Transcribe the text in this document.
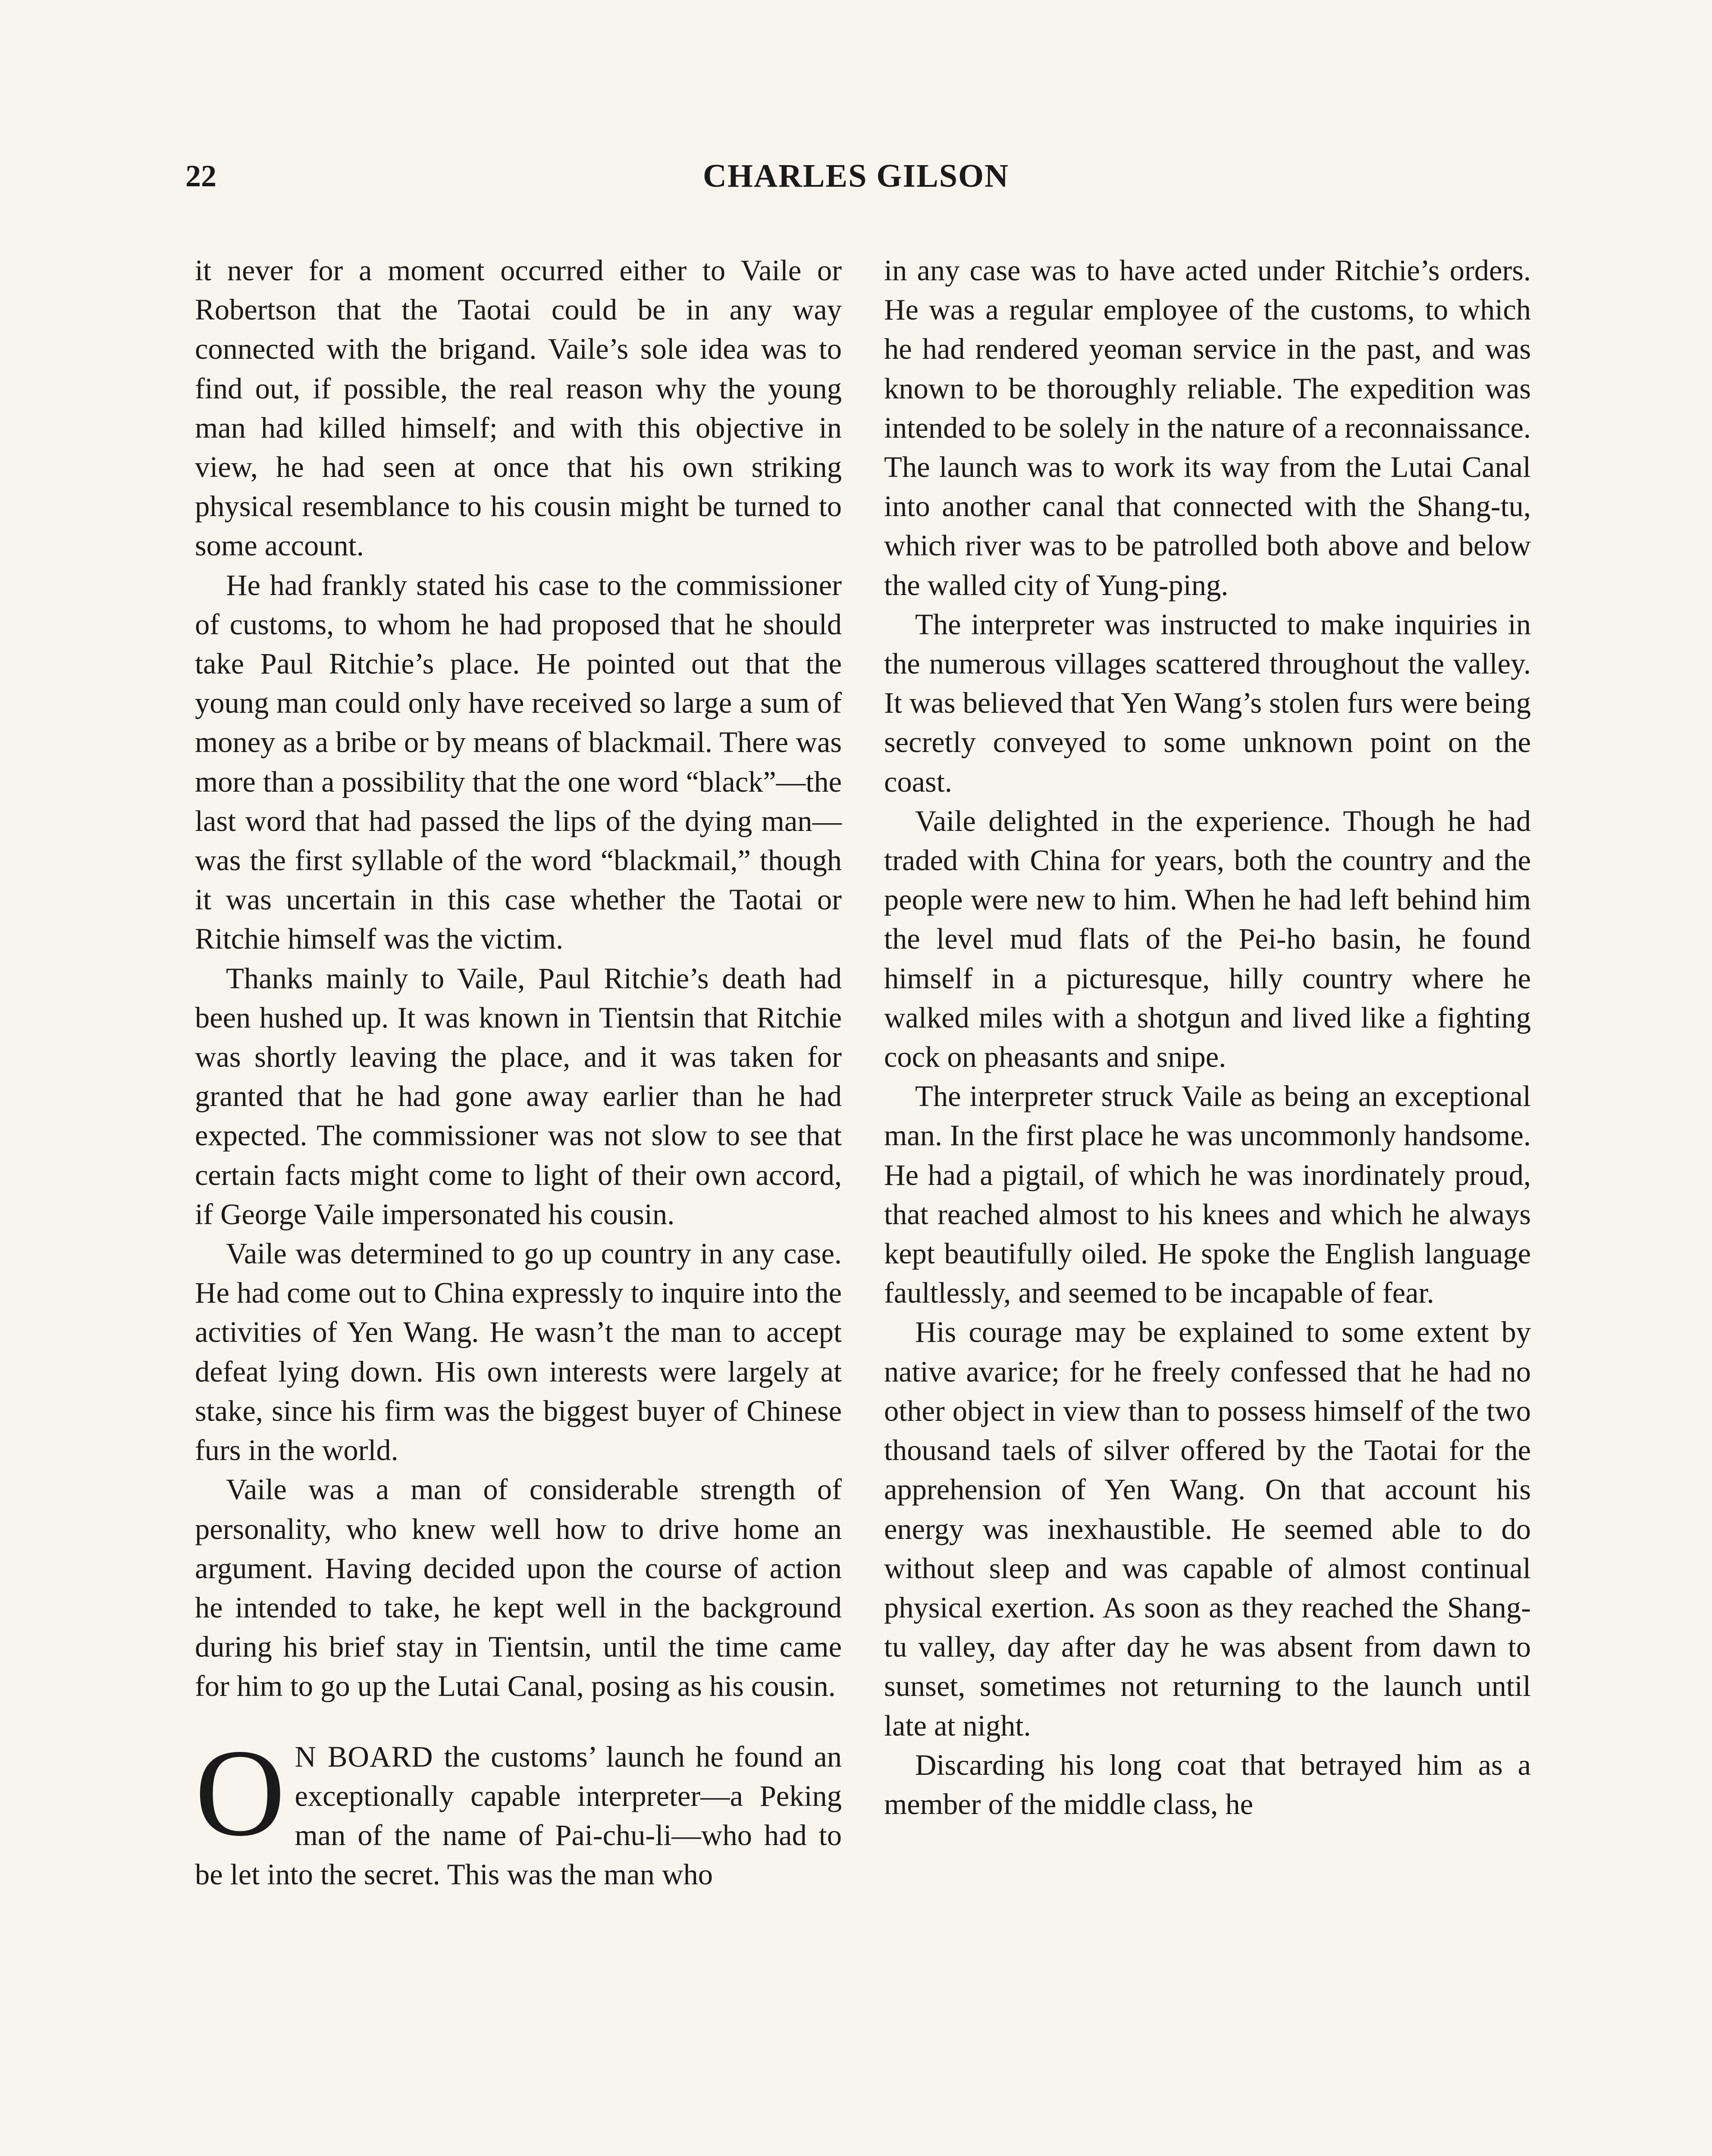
22	CHARLES GILSON

it never for a moment occurred either to Vaile or Robertson that the Taotai could be in any way connected with the brigand. Vaile’s sole idea was to find out, if possible, the real reason why the young man had killed himself; and with this objective in view, he had seen at once that his own striking physical resemblance to his cousin might be turned to some account.

He had frankly stated his case to the commissioner of customs, to whom he had proposed that he should take Paul Ritchie’s place. He pointed out that the young man could only have received so large a sum of money as a bribe or by means of blackmail. There was more than a possibility that the one word “black”—the last word that had passed the lips of the dying man—was the first syllable of the word “blackmail,” though it was uncertain in this case whether the Taotai or Ritchie himself was the victim.

Thanks mainly to Vaile, Paul Ritchie’s death had been hushed up. It was known in Tientsin that Ritchie was shortly leaving the place, and it was taken for granted that he had gone away earlier than he had expected. The commissioner was not slow to see that certain facts might come to light of their own accord, if George Vaile impersonated his cousin.

Vaile was determined to go up country in any case. He had come out to China expressly to inquire into the activities of Yen Wang. He wasn’t the man to accept defeat lying down. His own interests were largely at stake, since his firm was the biggest buyer of Chinese furs in the world.

Vaile was a man of considerable strength of personality, who knew well how to drive home an argument. Having decided upon the course of action he intended to take, he kept well in the background during his brief stay in Tientsin, until the time came for him to go up the Lutai Canal, posing as his cousin.

O N BOARD the customs’ launch he found an exceptionally capable interpreter—a Peking man of the name of Pai-chu-li—who had to be let into the secret. This was the man who

in any case was to have acted under Ritchie’s orders. He was a regular employee of the customs, to which he had rendered yeoman service in the past, and was known to be thoroughly reliable. The expedition was intended to be solely in the nature of a reconnaissance. The launch was to work its way from the Lutai Canal into another canal that connected with the Shang-tu, which river was to be patrolled both above and below the walled city of Yung-ping.

The interpreter was instructed to make inquiries in the numerous villages scattered throughout the valley. It was believed that Yen Wang’s stolen furs were being secretly conveyed to some unknown point on the coast.

Vaile delighted in the experience. Though he had traded with China for years, both the country and the people were new to him. When he had left behind him the level mud flats of the Pei-ho basin, he found himself in a picturesque, hilly country where he walked miles with a shotgun and lived like a fighting cock on pheasants and snipe.

The interpreter struck Vaile as being an exceptional man. In the first place he was uncommonly handsome. He had a pigtail, of which he was inordinately proud, that reached almost to his knees and which he always kept beautifully oiled. He spoke the English language faultlessly, and seemed to be incapable of fear.

His courage may be explained to some extent by native avarice; for he freely confessed that he had no other object in view than to possess himself of the two thousand taels of silver offered by the Taotai for the apprehension of Yen Wang. On that account his energy was inexhaustible. He seemed able to do without sleep and was capable of almost continual physical exertion. As soon as they reached the Shang-tu valley, day after day he was absent from dawn to sunset, sometimes not returning to the launch until late at night.

Discarding his long coat that betrayed him as a member of the middle class, he
